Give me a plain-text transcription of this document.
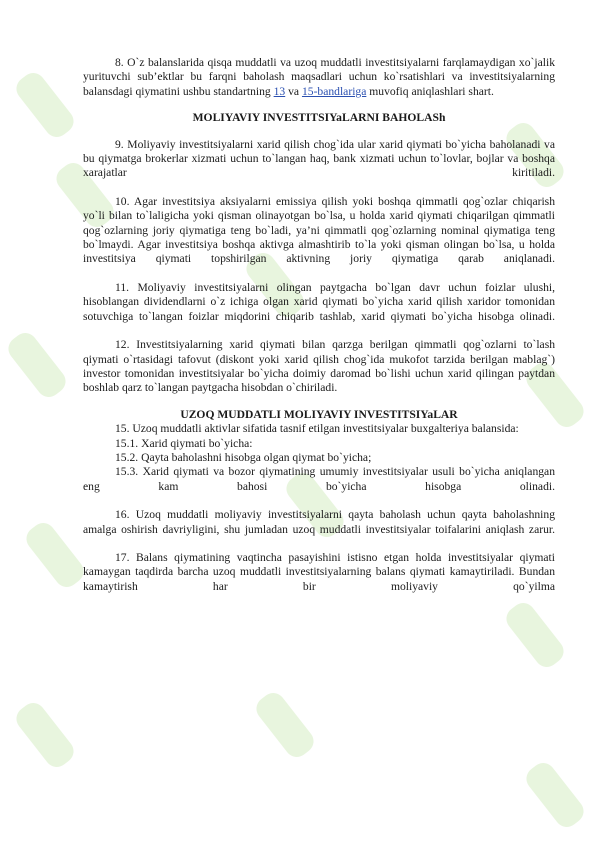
8. O`z balanslarida qisqa muddatli va uzoq muddatli investitsiyalarni farqlamaydigan xo`jalik yurituvchi sub’ektlar bu farqni baholash maqsadlari uchun ko`rsatishlari va investitsiyalarning balansdagi qiymatini ushbu standartning 13 va 15-bandlariga muvofiq aniqlashlari shart.

MOLIYAVIY INVESTITSIYaLARNI BAHOLASh

9. Moliyaviy investitsiyalarni xarid qilish chog`ida ular xarid qiymati bo`yicha baholanadi va bu qiymatga brokerlar xizmati uchun to`langan haq, bank xizmati uchun to`lovlar, bojlar va boshqa xarajatlar kiritiladi.

10. Agar investitsiya aksiyalarni emissiya qilish yoki boshqa qimmatli qog`ozlar chiqarish yo`li bilan to`laligicha yoki qisman olinayotgan bo`lsa, u holda xarid qiymati chiqarilgan qimmatli qog`ozlarning joriy qiymatiga teng bo`ladi, ya’ni qimmatli qog`ozlarning nominal qiymatiga teng bo`lmaydi. Agar investitsiya boshqa aktivga almashtirib to`la yoki qisman olingan bo`lsa, u holda investitsiya qiymati topshirilgan aktivning joriy qiymatiga qarab aniqlanadi.

11. Moliyaviy investitsiyalarni olingan paytgacha bo`lgan davr uchun foizlar ulushi, hisoblangan dividendlarni o`z ichiga olgan xarid qiymati bo`yicha xarid qilish xaridor tomonidan sotuvchiga to`langan foizlar miqdorini chiqarib tashlab, xarid qiymati bo`yicha hisobga olinadi.

12. Investitsiyalarning xarid qiymati bilan qarzga berilgan qimmatli qog`ozlarni to`lash qiymati o`rtasidagi tafovut (diskont yoki xarid qilish chog`ida mukofot tarzida berilgan mablag`) investor tomonidan investitsiyalar bo`yicha doimiy daromad bo`lishi uchun xarid qilingan paytdan boshlab qarz to`langan paytgacha hisobdan o`chiriladi.

UZOQ MUDDATLI MOLIYAVIY INVESTITSIYaLAR

15. Uzoq muddatli aktivlar sifatida tasnif etilgan investitsiyalar buxgalteriya balansida:

15.1. Xarid qiymati bo`yicha:

15.2. Qayta baholashni hisobga olgan qiymat bo`yicha;

15.3. Xarid qiymati va bozor qiymatining umumiy investitsiyalar usuli bo`yicha aniqlangan eng kam bahosi bo`yicha hisobga olinadi.

16. Uzoq muddatli moliyaviy investitsiyalarni qayta baholash uchun qayta baholashning amalga oshirish davriyligini, shu jumladan uzoq muddatli investitsiyalar toifalarini aniqlash zarur.

17. Balans qiymatining vaqtincha pasayishini istisno etgan holda investitsiyalar qiymati kamaygan taqdirda barcha uzoq muddatli investitsiyalarning balans qiymati kamaytiriladi. Bundan kamaytirish har bir moliyaviy qo`yilma
